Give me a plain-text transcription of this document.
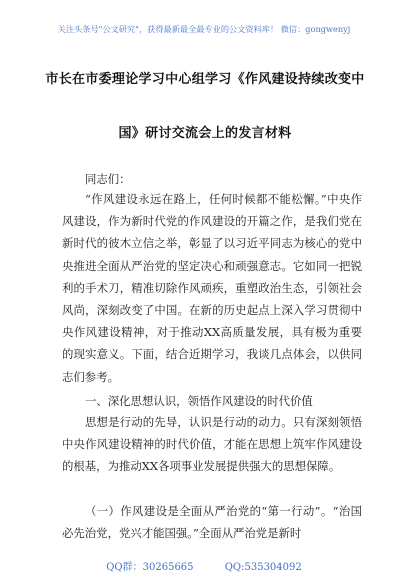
关注头条号"公文研究"，获得最新最全最专业的公文资料库！ 微信：gongwenyj
市长在市委理论学习中心组学习《作风建设持续改变中
国》研讨交流会上的发言材料

同志们：

“作风建设永远在路上，任何时候都不能松懈。”中央作风建设，作为新时代党的作风建设的开篇之作，是我们党在新时代的彼木立信之举，彰显了以习近平同志为核心的党中央推进全面从严治党的坚定决心和顽强意志。它如同一把锐利的手术刀，精准切除作风顽疾，重塑政治生态，引领社会风尚，深刻改变了中国。在新的历史起点上深入学习贯彻中央作风建设精神，对于推动XX高质量发展，具有极为重要的现实意义。下面，结合近期学习，我谈几点体会，以供同志们参考。

一、深化思想认识，领悟作风建设的时代价值

思想是行动的先导，认识是行动的动力。只有深刻领悟中央作风建设精神的时代价值，才能在思想上筑牢作风建设的根基，为推动XX各项事业发展提供强大的思想保障。

（一）作风建设是全面从严治党的“第一行动”。“治国必先治党，党兴才能国强。”全面从严治党是新时

QQ群：30265665	QQ:535304092
